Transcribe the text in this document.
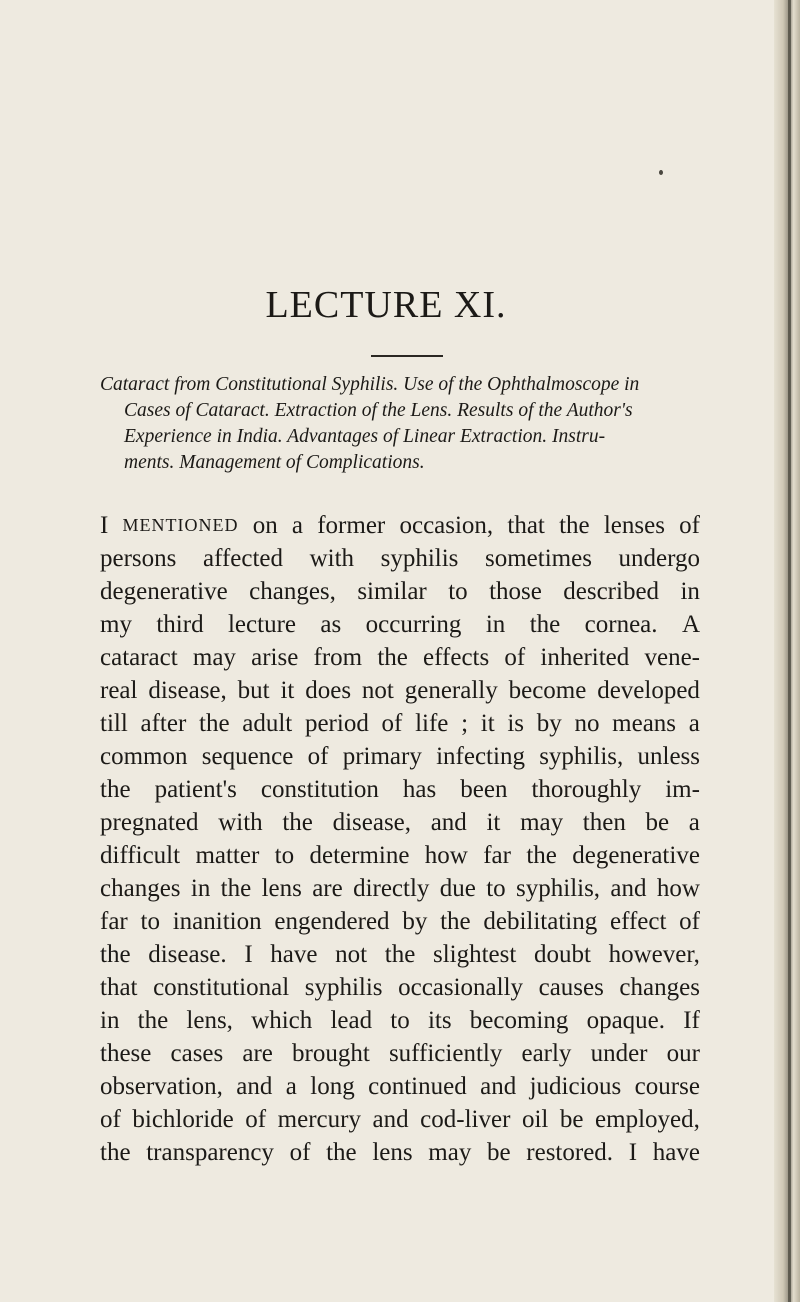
LECTURE XI.
Cataract from Constitutional Syphilis. Use of the Ophthalmoscope in
Cases of Cataract. Extraction of the Lens. Results of the Author's
Experience in India. Advantages of Linear Extraction. Instru-
ments. Management of Complications.
I MENTIONED on a former occasion, that the lenses of
persons affected with syphilis sometimes undergo
degenerative changes, similar to those described in
my third lecture as occurring in the cornea. A
cataract may arise from the effects of inherited vene-
real disease, but it does not generally become developed
till after the adult period of life ; it is by no means a
common sequence of primary infecting syphilis, unless
the patient's constitution has been thoroughly im-
pregnated with the disease, and it may then be a
difficult matter to determine how far the degenerative
changes in the lens are directly due to syphilis, and how
far to inanition engendered by the debilitating effect of
the disease. I have not the slightest doubt however,
that constitutional syphilis occasionally causes changes
in the lens, which lead to its becoming opaque. If
these cases are brought sufficiently early under our
observation, and a long continued and judicious course
of bichloride of mercury and cod-liver oil be employed,
the transparency of the lens may be restored. I have
